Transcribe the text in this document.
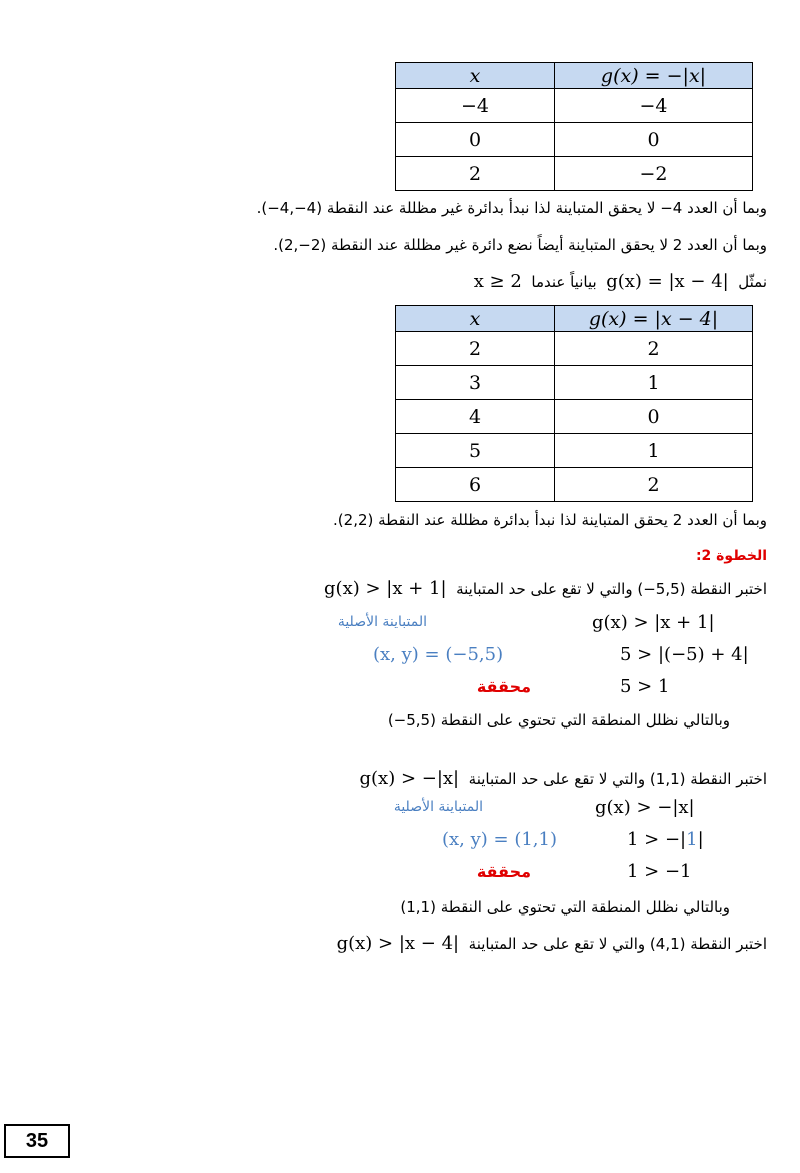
x	g(x) = −|x|
−4	−4
0	0
2	−2
وبما أن العدد 4− لا يحقق المتباينة لذا نبدأ بدائرة غير مظللة عند النقطة (4−,4−).
وبما أن العدد 2 لا يحقق المتباينة أيضاً نضع دائرة غير مظللة عند النقطة (2−,2).
نمثّل  g(x) = |x − 4|  بيانياً عندما  x ≥ 2
x	g(x) = |x − 4|
2	2
3	1
4	0
5	1
6	2
وبما أن العدد 2 يحقق المتباينة لذا نبدأ بدائرة مظللة عند النقطة (2,2).
الخطوة 2:
اختبر النقطة (5,5−) والتي لا تقع على حد المتباينة  g(x) > |x + 1|
المتباينة الأصلية	g(x) > |x + 1|
(x, y) = (−5,5)	5 > |(−5) + 4|
محققة	5 > 1
وبالتالي نظلل المنطقة التي تحتوي على النقطة (5,5−)
اختبر النقطة (1,1) والتي لا تقع على حد المتباينة  g(x) > −|x|
المتباينة الأصلية	g(x) > −|x|
(x, y) = (1,1)	1 > −|1|
محققة	1 > −1
وبالتالي نظلل المنطقة التي تحتوي على النقطة (1,1)
اختبر النقطة (4,1) والتي لا تقع على حد المتباينة  g(x) > |x − 4|
35
